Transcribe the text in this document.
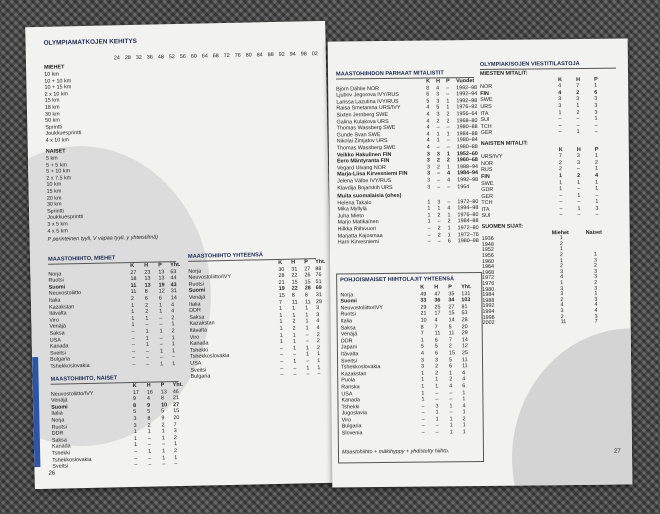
OLYMPIAMATKOJEN KEHITYS
24 28 32 36 48 52 56 60 64 68 72 76 80 84 88 92 94 98 02
MIEHET
10 km
10 + 10 km
10 + 15 km
2 x 10 km
15 km
18 km
30 km
50 km
Sprintti
Joukkuesprintti
4 x 10 km
NAISET
5 km
5 + 5 km
5 + 10 km
2 x 7,5 km
10 km
15 km
20 km
30 km
Sprintti
Joukkuesprintti
3 x 5 km
4 x 5 km
P perinteinen tyyli, V vapaa tyyli, y yhteistilmä)
MAASTOHIIHTO, MIEHET
K H P Yht.
Norja	27 23 13 63
Ruotsi	18 13 13 44
Suomi	11 13 19 43
Neuvostoliitto	11 8 12 31
Italia	2 6 6 14
Kazakstan	1 2 1 4
Itävalta	1 2 1 4
Viro	1 1 – 2
Venäjä	1 – – 1
Saksa	– 1 1 2
USA	– 1 – 1
Kanada	– 1 – 1
Sveitsi	– – 1 1
Bulgaria	– – – –
Tshekkoslovakia	– – 1 1
MAASTOHIIHTO YHTEENSÄ
K H P Yht.
Norja	30 31 27 88
Neuvostoliitto/IVY	28 22 26 76
Ruotsi	21 15 15 51
Suomi	19 22 28 69
Venäjä	15 8 8 31
Italia	7 11 11 29
DDR	1 1 1 3
Saksa	1 1 1 3
Kazakstan	1 2 1 4
Itävalta	1 2 1 4
Viro	1 1 – 2
Kanada	1 1 – 2
Tshekki	– 1 1 2
Tshekkoslovakia	– – 1 1
USA	– 1 – 1
Sveitsi	– – 1 1
Bulgaria	– – – –
MAASTOHIIHTO, NAISET
K H P Yht.
Neuvostoliitto/IVY	17 16 13 46
Venäjä	9 4 8 21
Suomi	8 9 10 27
Italia	5 5 5 15
Norja	3 8 9 20
Ruotsi	3 2 2 7
DDR	1 1 1 3
Saksa	1 – 1 2
Kanada	1 – – 1
Tshekki	– 1 1 2
Tshekkoslovakia	– – 1 1
Sveitsi	– – – –
26
MAASTOHIIHDON PARHAAT MITALISTIT
K H P Vuodet
Björn Dählie NOR	8 4 – 1992–98
Ljubov Jegorova IVY/RUS	6 3 – 1992–94
Larissa Lazutina IVY/RUS	5 3 1 1992–98
Raisa Smetanina URS/IVY	4 5 1 1976–92
Sixten Jernberg SWE	4 3 2 1956–64
Galina Kulakova URS	4 2 2 1968–80
Thomas Wassberg SWE	4 – – 1980–88
Gunde Svan SWE	4 1 1 1984–88
Nikolai Zimjatov URS	4 1 – 1980–84
Thomas Wassberg SWE	4 – – 1980–88
Veikko Hakulinen FIN	3 3 1 1952–60
Eero Mäntyranta FIN	3 2 2 1960–68
Vegard Ulvang NOR	3 2 1 1988–94
Marja-Liisa Kirvesniemi FIN	3 – 4 1984–94
Jelena Välbe IVY/RUS	3 – 4 1992–98
Klavdija Bojarskih URS	3 – – 1964
Muita suomalaisia (ohes)
Helena Takalo	1 3 – 1972–80
Mika Myllylä	1 1 4 1994–98
Juha Mieto	1 2 1 1976–80
Marjo Matikainen	1 – 2 1984–88
Hilkka Riihivuori	– 2 1 1972–80
Marjatta Kajosmaa	– 2 1 1972–76
Harri Kirvesniemi	– – 6 1980–98
OLYMPIAKISOJEN VIESTITILASTOJA
MIESTEN MITALIT:
K	H	P
NOR	4	7	1
FIN	4	2	6
SWE	3	3	3
URS	3	1	3
ITA	1	2	3
SUI	–	–	1
TCH	–	–	–
GER	–	1	–
NAISTEN MITALIT:
K	H	P
URS/IVY	7	3	1
NOR	2	3	2
RUS	2	–	1
FIN	1	2	4
SWE	1	1	1
GDR	1	–	1
GER	–	1	–
TCH	–	–	1
ITA	–	1	3
SUI	–	–	–
SUOMEN SIJAT:
Miehet	Naiset
1936	1
1948	2
1952	1
1956	2	1
1960	1	3
1964	2	2
1968	3	3
1972	4	3
1976	1	2
1980	3	3
1984	3	1
1988	2	3
1992	4	4
1994	3	4
1998	2	3
2002	11	7
POHJOISMAISET HIIHTOLAJIT YHTEENSÄ
K H P Yht.
Norja	49 47 35 131
Suomi	33 36 34 103
Neuvostoliitto/IVY	29 25 27 81
Ruotsi	21 17 15 53
Italia	10 4 14 28
Saksa	8 7 5 20
Venäjä	7 11 11 29
DDR	1 6 7 14
Japani	5 5 2 12
Itävalta	4 6 15 25
Sveitsi	3 3 5 11
Tshekkoslovakia	3 2 6 11
Kazakstan	1 2 1 4
Puola	1 1 2 4
Ranska	1 1 4 6
USA	1 – – 1
Kanada	1 – – 1
Tshekki	– 3 1 4
Jugoslavia	– 1 – 1
Viro	– 1 1 2
Bulgaria	– – 1 1
Slovenia	– – 1 1
Maastohiihto + mäkihyppy + yhdistetty hiihto.	27
